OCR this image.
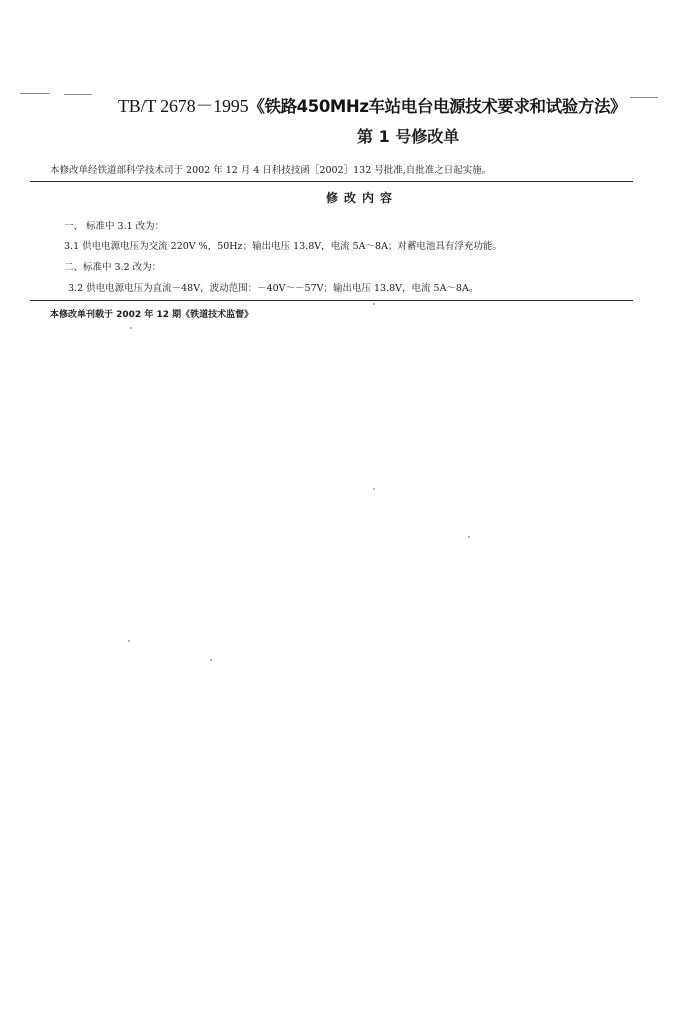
TB/T 2678－1995《铁路450MHz车站电台电源技术要求和试验方法》
第 1 号修改单
本修改单经铁道部科学技术司于 2002 年 12 月 4 日科技技函［2002］132 号批准,自批准之日起实施。
修改内容
一、 标准中 3.1 改为：
3.1 供电电源电压为交流 220V %，50Hz；输出电压 13.8V，电流 5A～8A；对蓄电池具有浮充功能。
二、标准中 3.2 改为：
3.2 供电电源电压为直流－48V，波动范围：－40V～－57V；输出电压 13.8V，电流 5A～8A。
本修改单刊载于 2002 年 12 期《铁道技术监督》
